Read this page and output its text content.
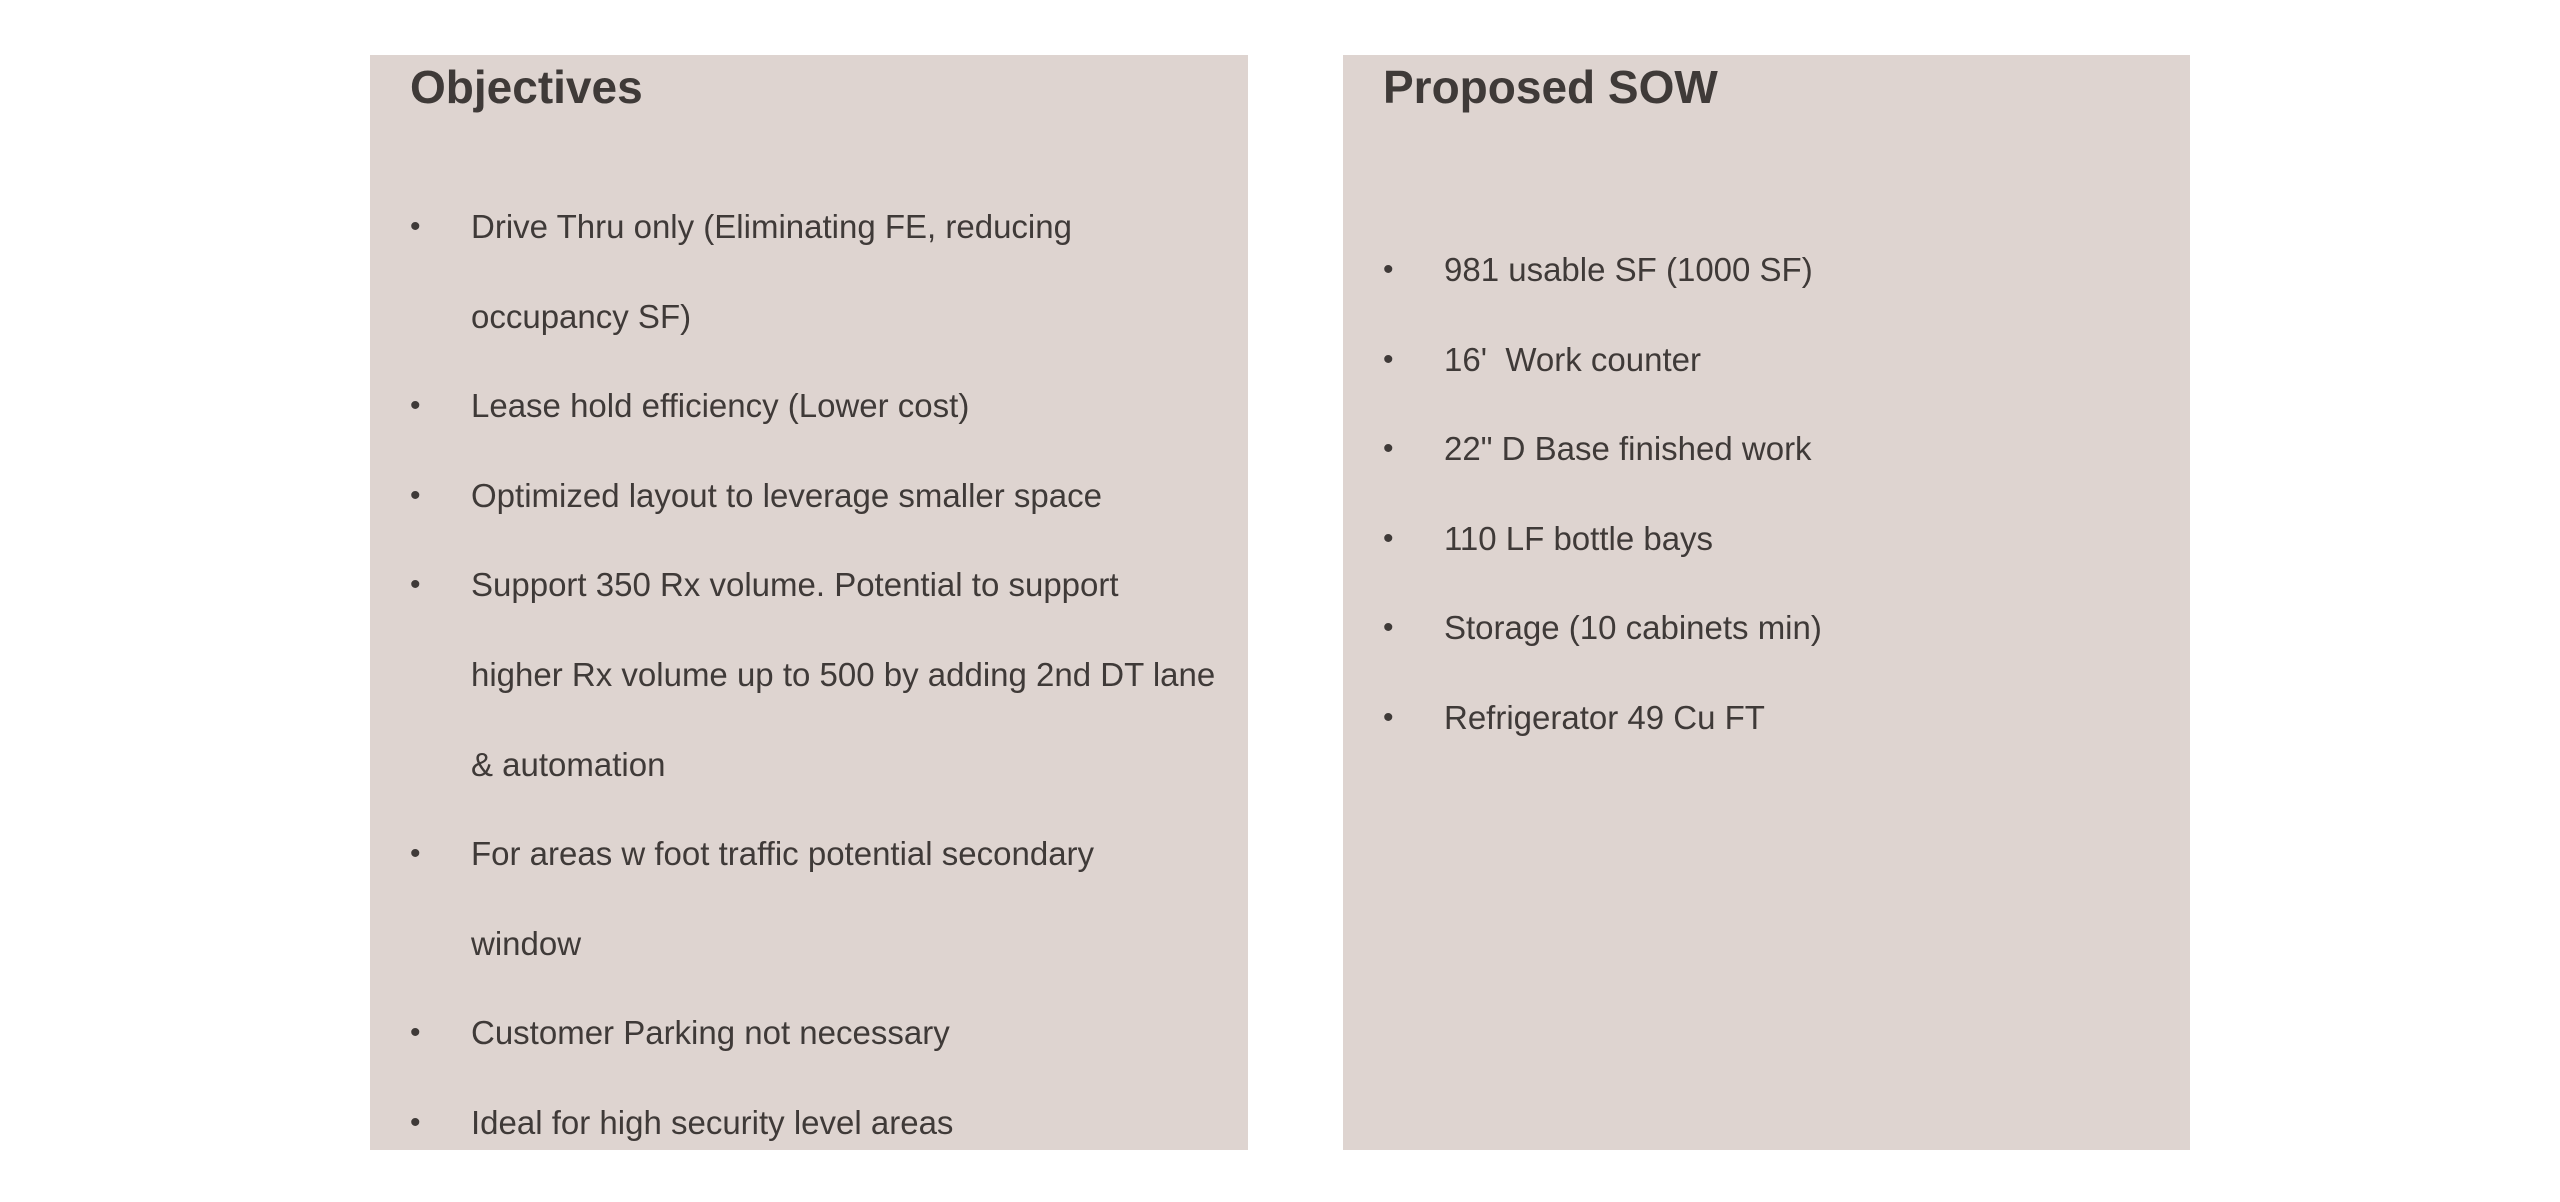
Objectives
•	Drive Thru only (Eliminating FE, reducing
occupancy SF)
•	Lease hold efficiency (Lower cost)
•	Optimized layout to leverage smaller space
•	Support 350 Rx volume. Potential to support
higher Rx volume up to 500 by adding 2nd DT lane
& automation
•	For areas w foot traffic potential secondary
window
•	Customer Parking not necessary
•	Ideal for high security level areas
Proposed SOW
•	981 usable SF (1000 SF)
•	16'  Work counter
•	22" D Base finished work
•	110 LF bottle bays
•	Storage (10 cabinets min)
•	Refrigerator 49 Cu FT
